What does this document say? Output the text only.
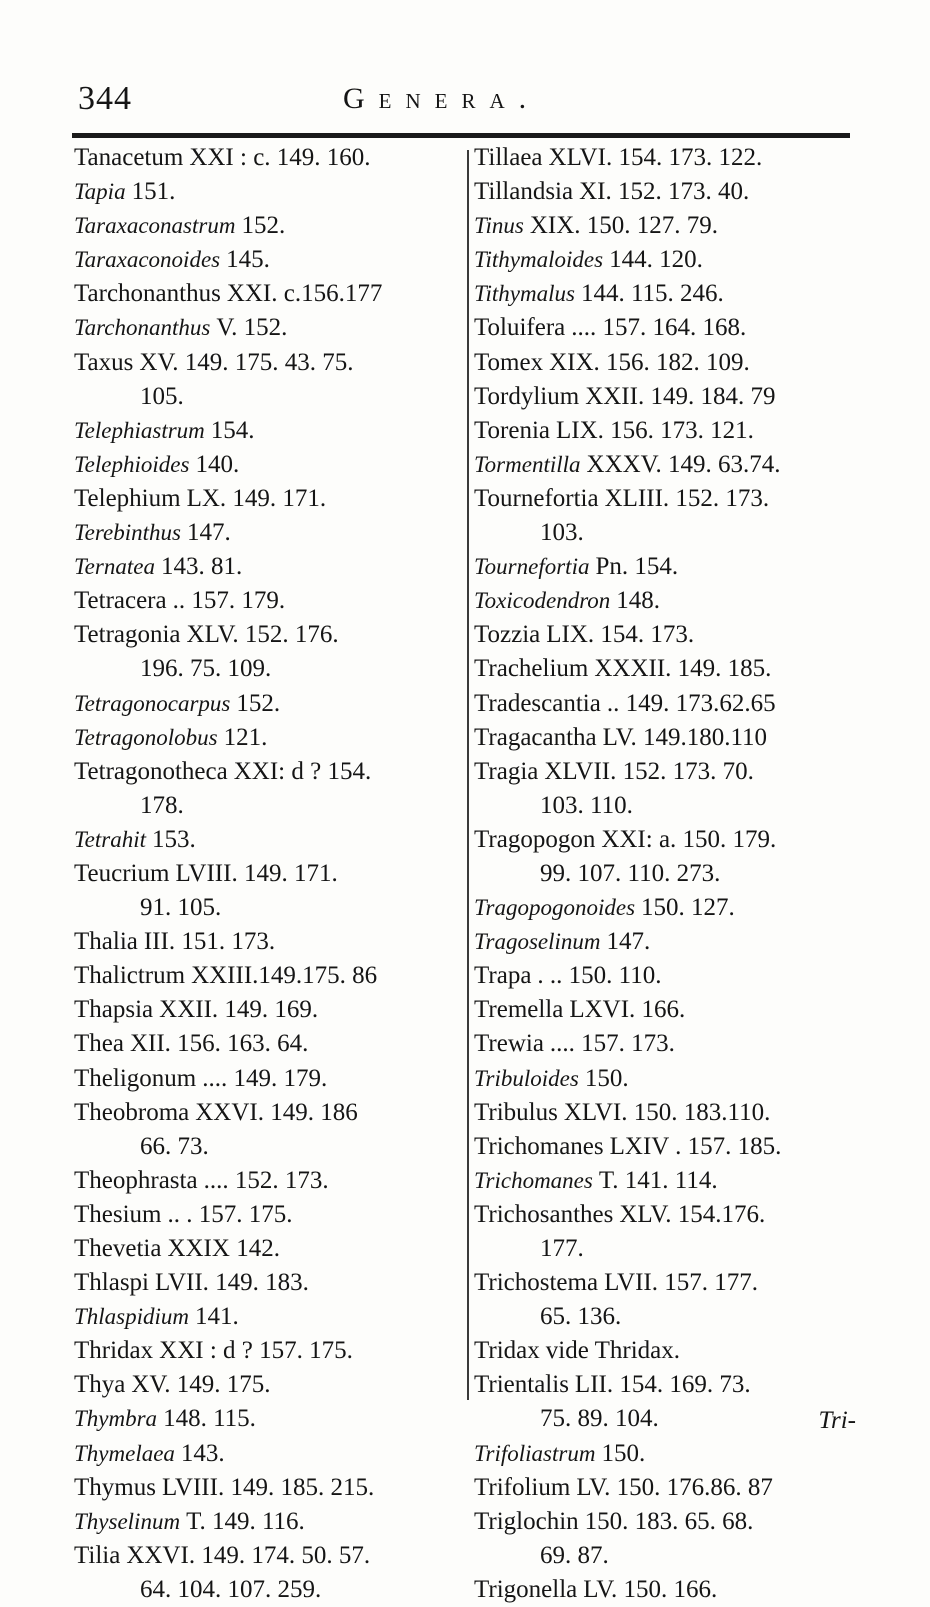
344	Genera.
Tanacetum XXI : c. 149. 160.
Tapia 151.
Taraxaconastrum 152.
Taraxaconoides 145.
Tarchonanthus XXI. c.156.177
Tarchonanthus V. 152.
Taxus XV. 149. 175. 43. 75.
105.
Telephiastrum 154.
Telephioides 140.
Telephium LX. 149. 171.
Terebinthus 147.
Ternatea 143. 81.
Tetracera .. 157. 179.
Tetragonia XLV. 152. 176.
196. 75. 109.
Tetragonocarpus 152.
Tetragonolobus 121.
Tetragonotheca XXI: d ? 154.
178.
Tetrahit 153.
Teucrium LVIII. 149. 171.
91. 105.
Thalia III. 151. 173.
Thalictrum XXIII.149.175. 86
Thapsia XXII. 149. 169.
Thea XII. 156. 163. 64.
Theligonum .... 149. 179.
Theobroma XXVI. 149. 186
66. 73.
Theophrasta .... 152. 173.
Thesium .. . 157. 175.
Thevetia XXIX 142.
Thlaspi LVII. 149. 183.
Thlaspidium 141.
Thridax XXI : d ? 157. 175.
Thya XV. 149. 175.
Thymbra 148. 115.
Thymelaea 143.
Thymus LVIII. 149. 185. 215.
Thyselinum T. 149. 116.
Tilia XXVI. 149. 174. 50. 57.
64. 104. 107. 259.
Tillaea XLVI. 154. 173. 122.
Tillandsia XI. 152. 173. 40.
Tinus XIX. 150. 127. 79.
Tithymaloides 144. 120.
Tithymalus 144. 115. 246.
Toluifera .... 157. 164. 168.
Tomex XIX. 156. 182. 109.
Tordylium XXII. 149. 184. 79
Torenia LIX. 156. 173. 121.
Tormentilla XXXV. 149. 63.74.
Tournefortia XLIII. 152. 173.
103.
Tournefortia Pn. 154.
Toxicodendron 148.
Tozzia LIX. 154. 173.
Trachelium XXXII. 149. 185.
Tradescantia .. 149. 173.62.65
Tragacantha LV. 149.180.110
Tragia XLVII. 152. 173. 70.
103. 110.
Tragopogon XXI: a. 150. 179.
99. 107. 110. 273.
Tragopogonoides 150. 127.
Tragoselinum 147.
Trapa . .. 150. 110.
Tremella LXVI. 166.
Trewia .... 157. 173.
Tribuloides 150.
Tribulus XLVI. 150. 183.110.
Trichomanes LXIV . 157. 185.
Trichomanes T. 141. 114.
Trichosanthes XLV. 154.176.
177.
Trichostema LVII. 157. 177.
65. 136.
Tridax vide Thridax.
Trientalis LII. 154. 169. 73.
75. 89. 104.
Trifoliastrum 150.
Trifolium LV. 150. 176.86. 87
Triglochin 150. 183. 65. 68.
69. 87.
Trigonella LV. 150. 166.
Tri-
